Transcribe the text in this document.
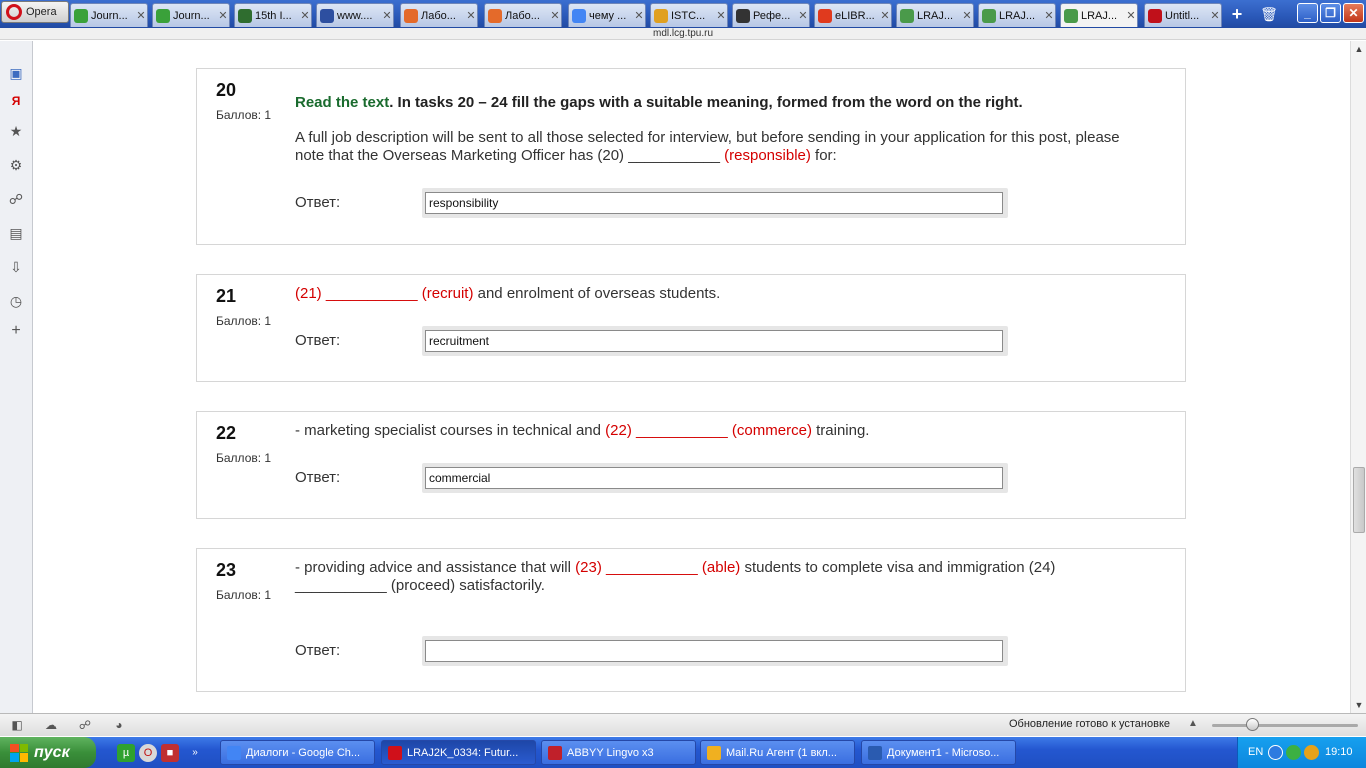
Opera	Journ... ✕ Journ... ✕ 15th I... ✕ www.... ✕	Лабо... ✕	Лабо... ✕	чему ... ✕ ISTC...	✕ Рефе... ✕ eLIBR... ✕ LRAJ... ✕ LRAJ... ✕ LRAJ... ✕	Untitl...	✕ +	🗑	_	❐	✕
mdl.lcg.tpu.ru
▣
Я
★
⚙
☍
▤
⇩
◷
+
20
Баллов: 1
Read the text. In tasks 20 – 24 fill the gaps with a suitable meaning, formed from the word on the right.
A full job description will be sent to all those selected for interview, but before sending in your application for this post, please note that the Overseas Marketing Officer has (20) ___________ (responsible) for:
Ответ:
responsibility
21
Баллов: 1
(21) ___________ (recruit) and enrolment of overseas students.
Ответ:
recruitment
22
Баллов: 1
- marketing specialist courses in technical and (22) ___________ (commerce) training.
Ответ:
commercial
23
Баллов: 1
- providing advice and assistance that will (23) ___________ (able) students to complete visa and immigration (24) ___________ (proceed) satisfactorily.
Ответ:
▲
▼
◧ ☁ ☍	◕	Обновление готово к установке ▲
пуск	µ	O	■	»	Диалоги - Google Ch...	LRAJ2K_0334: Futur...	ABBYY Lingvo x3	Mail.Ru Агент (1 вкл...	Документ1 - Microso...	EN	19:10
